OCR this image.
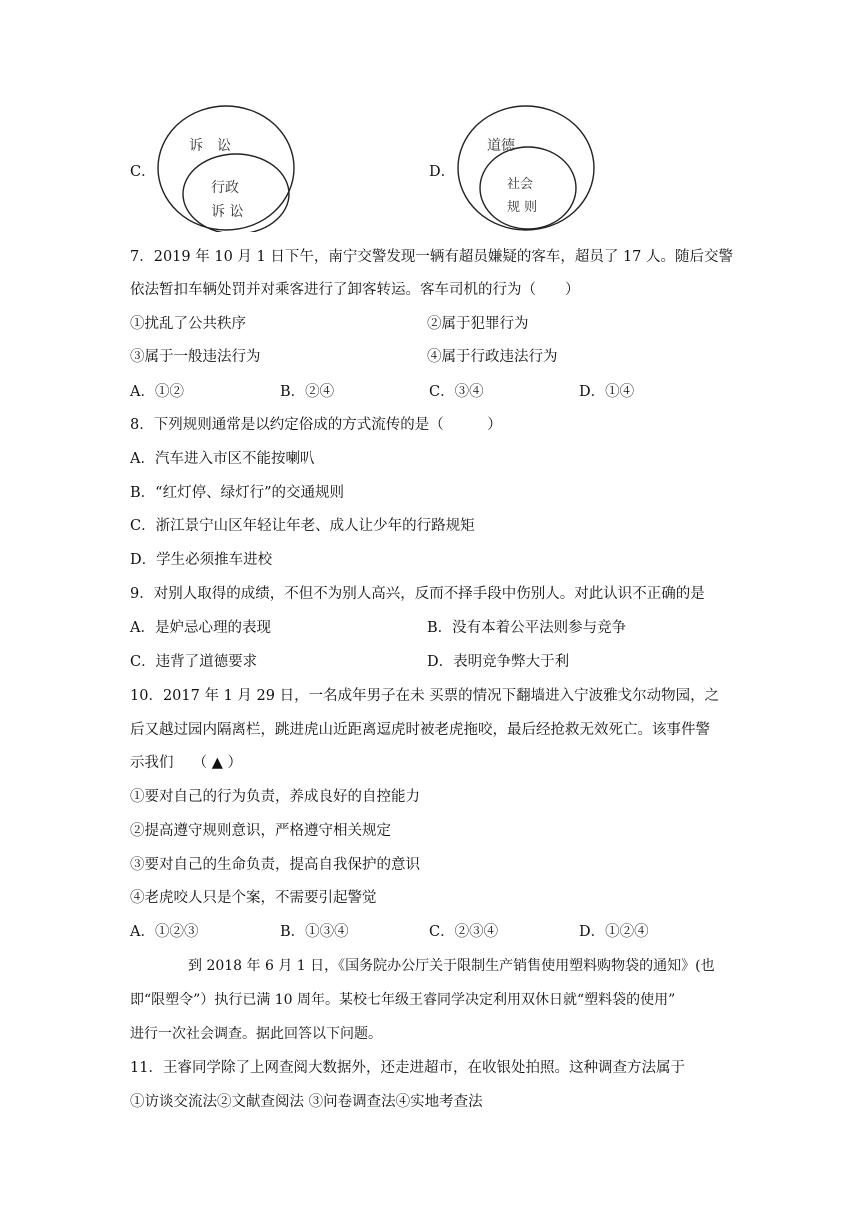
C．
诉　讼
行政
诉 讼
D．
道德
社会
规 则
7．2019 年 10 月 1 日下午，南宁交警发现一辆有超员嫌疑的客车，超员了 17 人。随后交警
依法暂扣车辆处罚并对乘客进行了卸客转运。客车司机的行为（　　）
①扰乱了公共秩序	②属于犯罪行为
③属于一般违法行为	④属于行政违法行为
A．①②	B．②④	C．③④	D．①④
8．下列规则通常是以约定俗成的方式流传的是（　　　）
A．汽车进入市区不能按喇叭
B．“红灯停、绿灯行”的交通规则
C．浙江景宁山区年轻让年老、成人让少年的行路规矩
D．学生必须推车进校
9．对别人取得的成绩，不但不为别人高兴，反而不择手段中伤别人。对此认识不正确的是
A．是妒忌心理的表现	B．没有本着公平法则参与竞争
C．违背了道德要求	D．表明竞争弊大于利
10．2017 年 1 月 29 日，一名成年男子在未 买票的情况下翻墙进入宁波雅戈尔动物园，之
后又越过园内隔离栏，跳进虎山近距离逗虎时被老虎拖咬，最后经抢救无效死亡。该事件警
示我们　 （ ▲ ）
①要对自己的行为负责，养成良好的自控能力
②提高遵守规则意识，严格遵守相关规定
③要对自己的生命负责，提高自我保护的意识
④老虎咬人只是个案，不需要引起警觉
A．①②③	B．①③④	C．②③④	D．①②④
到 2018 年 6 月 1 日，《国务院办公厅关于限制生产销售使用塑料购物袋的通知》(也
即“限塑令”）执行已满 10 周年。某校七年级王睿同学决定利用双休日就“塑料袋的使用”
进行一次社会调查。据此回答以下问题。
11．王睿同学除了上网查阅大数据外，还走进超市，在收银处拍照。这种调查方法属于
①访谈交流法②文献查阅法 ③问卷调查法④实地考查法
